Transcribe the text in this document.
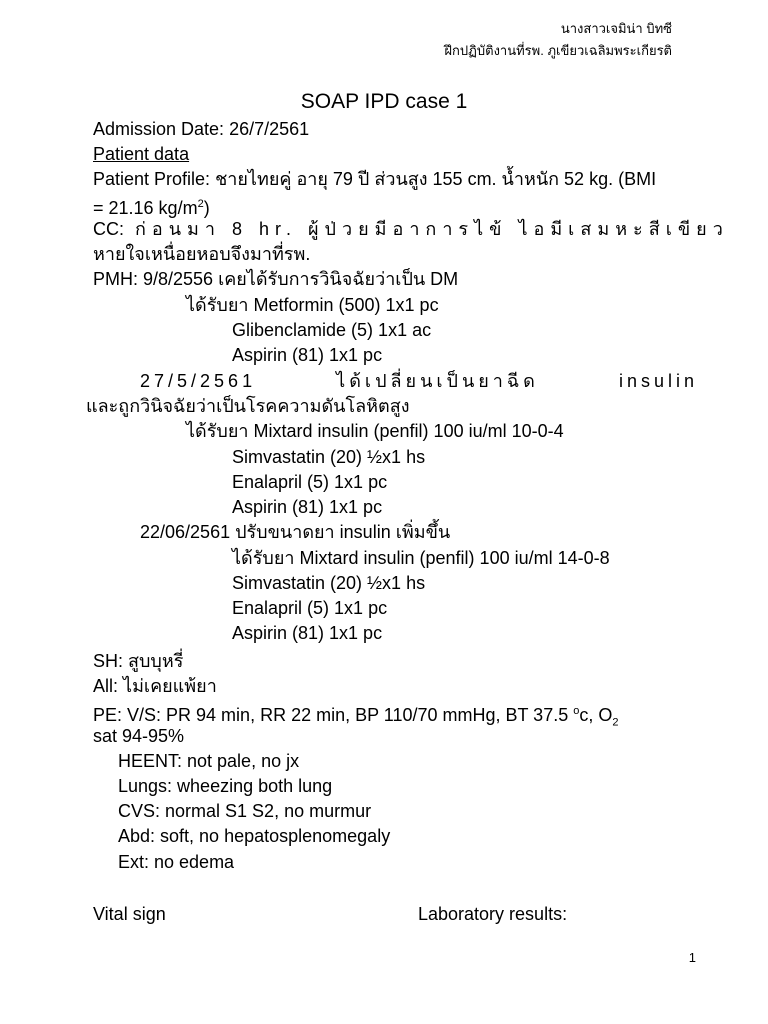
นางสาวเจมิน่า บิทซี
ฝึกปฏิบัติงานที่รพ. ภูเขียวเฉลิมพระเกียรติ
SOAP IPD case 1
Admission Date: 26/7/2561
Patient data
Patient Profile: ชายไทยคู่ อายุ 79 ปี ส่วนสูง 155 cm. น้ำหนัก 52 kg. (BMI
= 21.16 $kg/m^2$)
CC: ก่อนมา 8 hr. ผู้ป่วยมีอาการไข้ ไอมีเสมหะสีเขียว
หายใจเหนื่อยหอบจึงมาที่รพ.
PMH: 9/8/2556 เคยได้รับการวินิจฉัยว่าเป็น DM
ได้รับยา Metformin (500) 1x1 pc
Glibenclamide (5) 1x1 ac
Aspirin (81) 1x1 pc
27/5/2561 ได้เปลี่ยนเป็นยาฉีด insulin
และถูกวินิจฉัยว่าเป็นโรคความดันโลหิตสูง
ได้รับยา Mixtard insulin (penfil) 100 iu/ml 10-0-4
Simvastatin (20) ½x1 hs
Enalapril (5) 1x1 pc
Aspirin (81) 1x1 pc
22/06/2561 ปรับขนาดยา insulin เพิ่มขึ้น
ได้รับยา Mixtard insulin (penfil) 100 iu/ml 14-0-8
Simvastatin (20) ½x1 hs
Enalapril (5) 1x1 pc
Aspirin (81) 1x1 pc
SH: สูบบุหรี่
All: ไม่เคยแพ้ยา
PE: V/S: PR 94 min, RR 22 min, BP 110/70 mmHg, BT 37.5 $^o$c, $O_2$
sat 94-95%
HEENT: not pale, no jx
Lungs: wheezing both lung
CVS: normal S1 S2, no murmur
Abd: soft, no hepatosplenomegaly
Ext: no edema
Vital sign	Laboratory results:
1
